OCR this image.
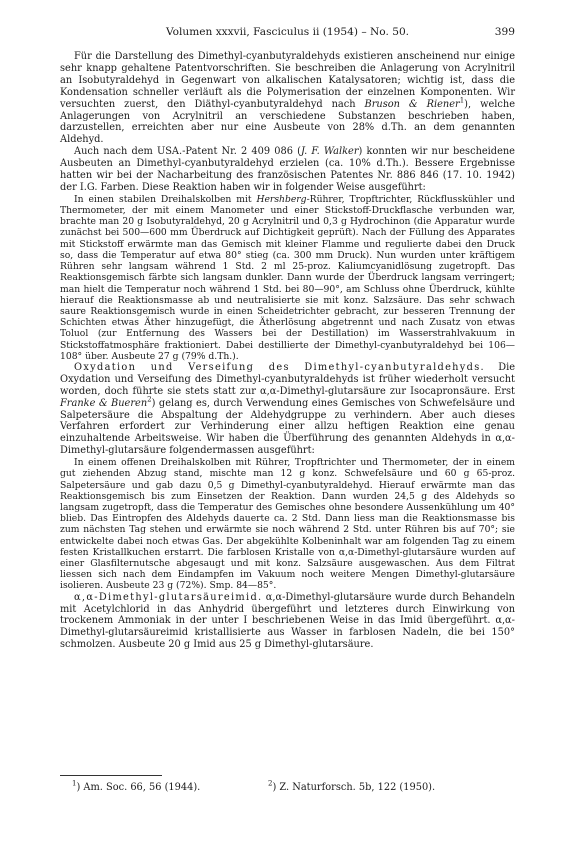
Volumen xxxvii, Fasciculus ii (1954) – No. 50.	399

Für die Darstellung des Dimethyl-cyanbutyraldehyds existieren anscheinend nur einige sehr knapp gehaltene Patentvorschriften. Sie beschreiben die Anlagerung von Acrylnitril an Isobutyraldehyd in Gegenwart von alkalischen Katalysatoren; wichtig ist, dass die Kondensation schneller verläuft als die Polymerisation der einzelnen Komponenten. Wir versuchten zuerst, den Diäthyl-cyanbutyraldehyd nach Bruson & Riener$^1$), welche Anlagerungen von Acrylnitril an verschiedene Substanzen beschrieben haben, darzustellen, erreichten aber nur eine Ausbeute von 28% d.Th. an dem genannten Aldehyd.

Auch nach dem USA.-Patent Nr. 2 409 086 (J. F. Walker) konnten wir nur bescheidene Ausbeuten an Dimethyl-cyanbutyraldehyd erzielen (ca. 10% d.Th.). Bessere Ergebnisse hatten wir bei der Nacharbeitung des französischen Patentes Nr. 886 846 (17. 10. 1942) der I.G. Farben. Diese Reaktion haben wir in folgender Weise ausgeführt:

In einen stabilen Dreihalskolben mit Hershberg-Rührer, Tropftrichter, Rückflusskühler und Thermometer, der mit einem Manometer und einer Stickstoff-Druckflasche verbunden war, brachte man 20 g Isobutyraldehyd, 20 g Acrylnitril und 0,3 g Hydrochinon (die Apparatur wurde zunächst bei 500—600 mm Überdruck auf Dichtigkeit geprüft). Nach der Füllung des Apparates mit Stickstoff erwärmte man das Gemisch mit kleiner Flamme und regulierte dabei den Druck so, dass die Temperatur auf etwa 80° stieg (ca. 300 mm Druck). Nun wurden unter kräftigem Rühren sehr langsam während 1 Std. 2 ml 25-proz. Kaliumcyanidlösung zugetropft. Das Reaktionsgemisch färbte sich langsam dunkler. Dann wurde der Überdruck langsam verringert; man hielt die Temperatur noch während 1 Std. bei 80—90°, am Schluss ohne Überdruck, kühlte hierauf die Reaktionsmasse ab und neutralisierte sie mit konz. Salzsäure. Das sehr schwach saure Reaktionsgemisch wurde in einen Scheidetrichter gebracht, zur besseren Trennung der Schichten etwas Äther hinzugefügt, die Ätherlösung abgetrennt und nach Zusatz von etwas Toluol (zur Entfernung des Wassers bei der Destillation) im Wasserstrahlvakuum in Stickstoffatmosphäre fraktioniert. Dabei destillierte der Dimethyl-cyanbutyraldehyd bei 106—108° über. Ausbeute 27 g (79% d.Th.).

Oxydation und Verseifung des Dimethyl-cyanbutyraldehyds. Die Oxydation und Verseifung des Dimethyl-cyanbutyraldehyds ist früher wiederholt versucht worden, doch führte sie stets statt zur α,α-Dimethyl-glutarsäure zur Isocapronsäure. Erst Franke & Bueren$^2$) gelang es, durch Verwendung eines Gemisches von Schwefelsäure und Salpetersäure die Abspaltung der Aldehydgruppe zu verhindern. Aber auch dieses Verfahren erfordert zur Verhinderung einer allzu heftigen Reaktion eine genau einzuhaltende Arbeitsweise. Wir haben die Überführung des genannten Aldehyds in α,α-Dimethyl-glutarsäure folgendermassen ausgeführt:

In einem offenen Dreihalskolben mit Rührer, Tropftrichter und Thermometer, der in einem gut ziehenden Abzug stand, mischte man 12 g konz. Schwefelsäure und 60 g 65-proz. Salpetersäure und gab dazu 0,5 g Dimethyl-cyanbutyraldehyd. Hierauf erwärmte man das Reaktionsgemisch bis zum Einsetzen der Reaktion. Dann wurden 24,5 g des Aldehyds so langsam zugetropft, dass die Temperatur des Gemisches ohne besondere Aussenkühlung um 40° blieb. Das Eintropfen des Aldehyds dauerte ca. 2 Std. Dann liess man die Reaktionsmasse bis zum nächsten Tag stehen und erwärmte sie noch während 2 Std. unter Rühren bis auf 70°; sie entwickelte dabei noch etwas Gas. Der abgekühlte Kolbeninhalt war am folgenden Tag zu einem festen Kristallkuchen erstarrt. Die farblosen Kristalle von α,α-Dimethyl-glutarsäure wurden auf einer Glasfilternutsche abgesaugt und mit konz. Salzsäure ausgewaschen. Aus dem Filtrat liessen sich nach dem Eindampfen im Vakuum noch weitere Mengen Dimethyl-glutarsäure isolieren. Ausbeute 23 g (72%). Smp. 84—85°.

α,α-Dimethyl-glutarsäureimid. α,α-Dimethyl-glutarsäure wurde durch Behandeln mit Acetylchlorid in das Anhydrid übergeführt und letzteres durch Einwirkung von trockenem Ammoniak in der unter I beschriebenen Weise in das Imid übergeführt. α,α-Dimethyl-glutarsäureimid kristallisierte aus Wasser in farblosen Nadeln, die bei 150° schmolzen. Ausbeute 20 g Imid aus 25 g Dimethyl-glutarsäure.

$^1$) Am. Soc. 66, 56 (1944).	$^2$) Z. Naturforsch. 5b, 122 (1950).
